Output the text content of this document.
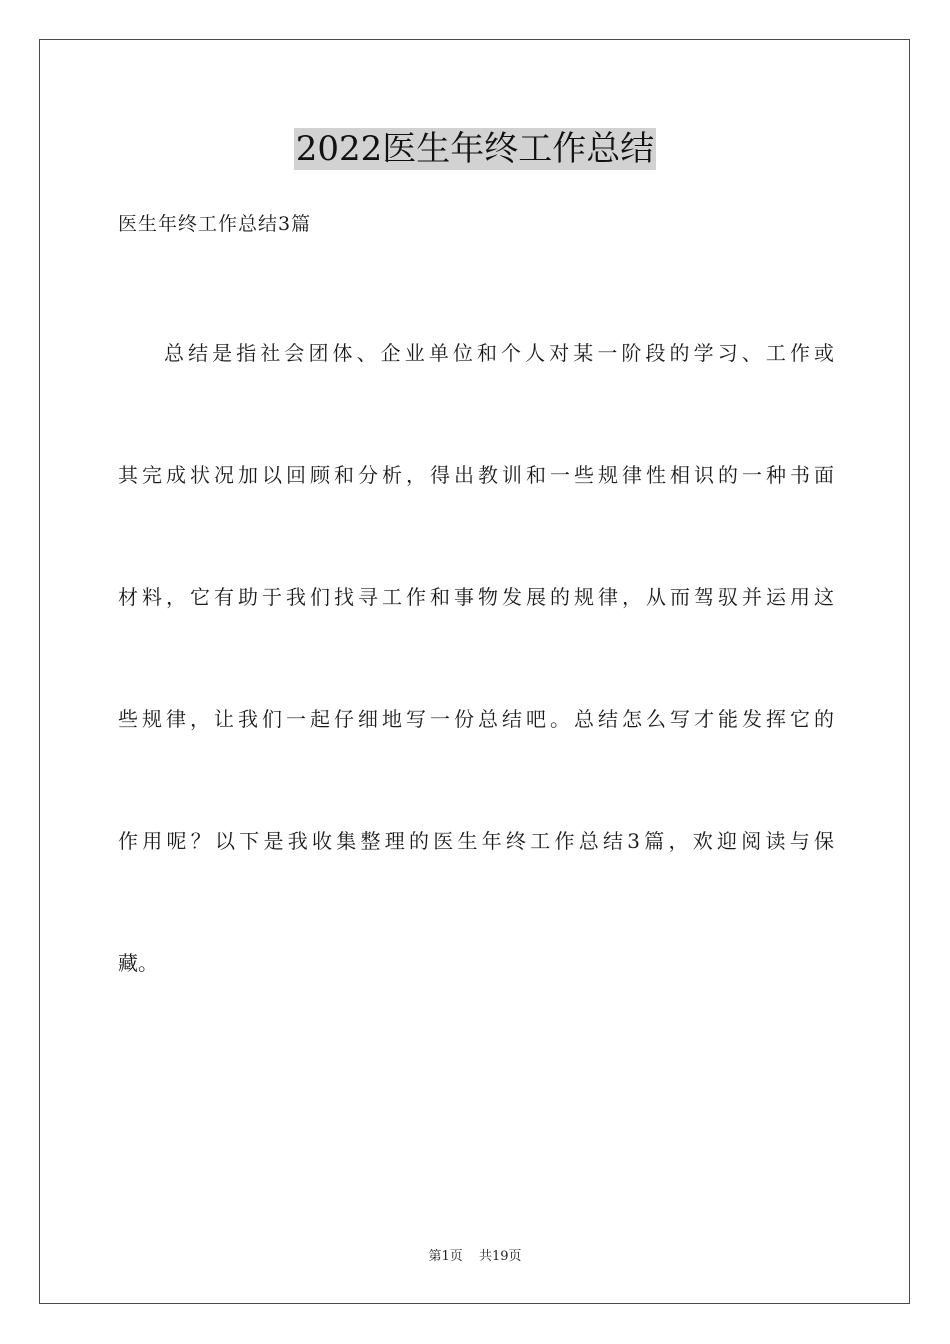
2022医生年终工作总结
医生年终工作总结3篇
总结是指社会团体、企业单位和个人对某一阶段的学习、工作或
其完成状况加以回顾和分析，得出教训和一些规律性相识的一种书面
材料，它有助于我们找寻工作和事物发展的规律，从而驾驭并运用这
些规律，让我们一起仔细地写一份总结吧。总结怎么写才能发挥它的
作用呢？以下是我收集整理的医生年终工作总结3篇，欢迎阅读与保
藏。
第1页 共19页
